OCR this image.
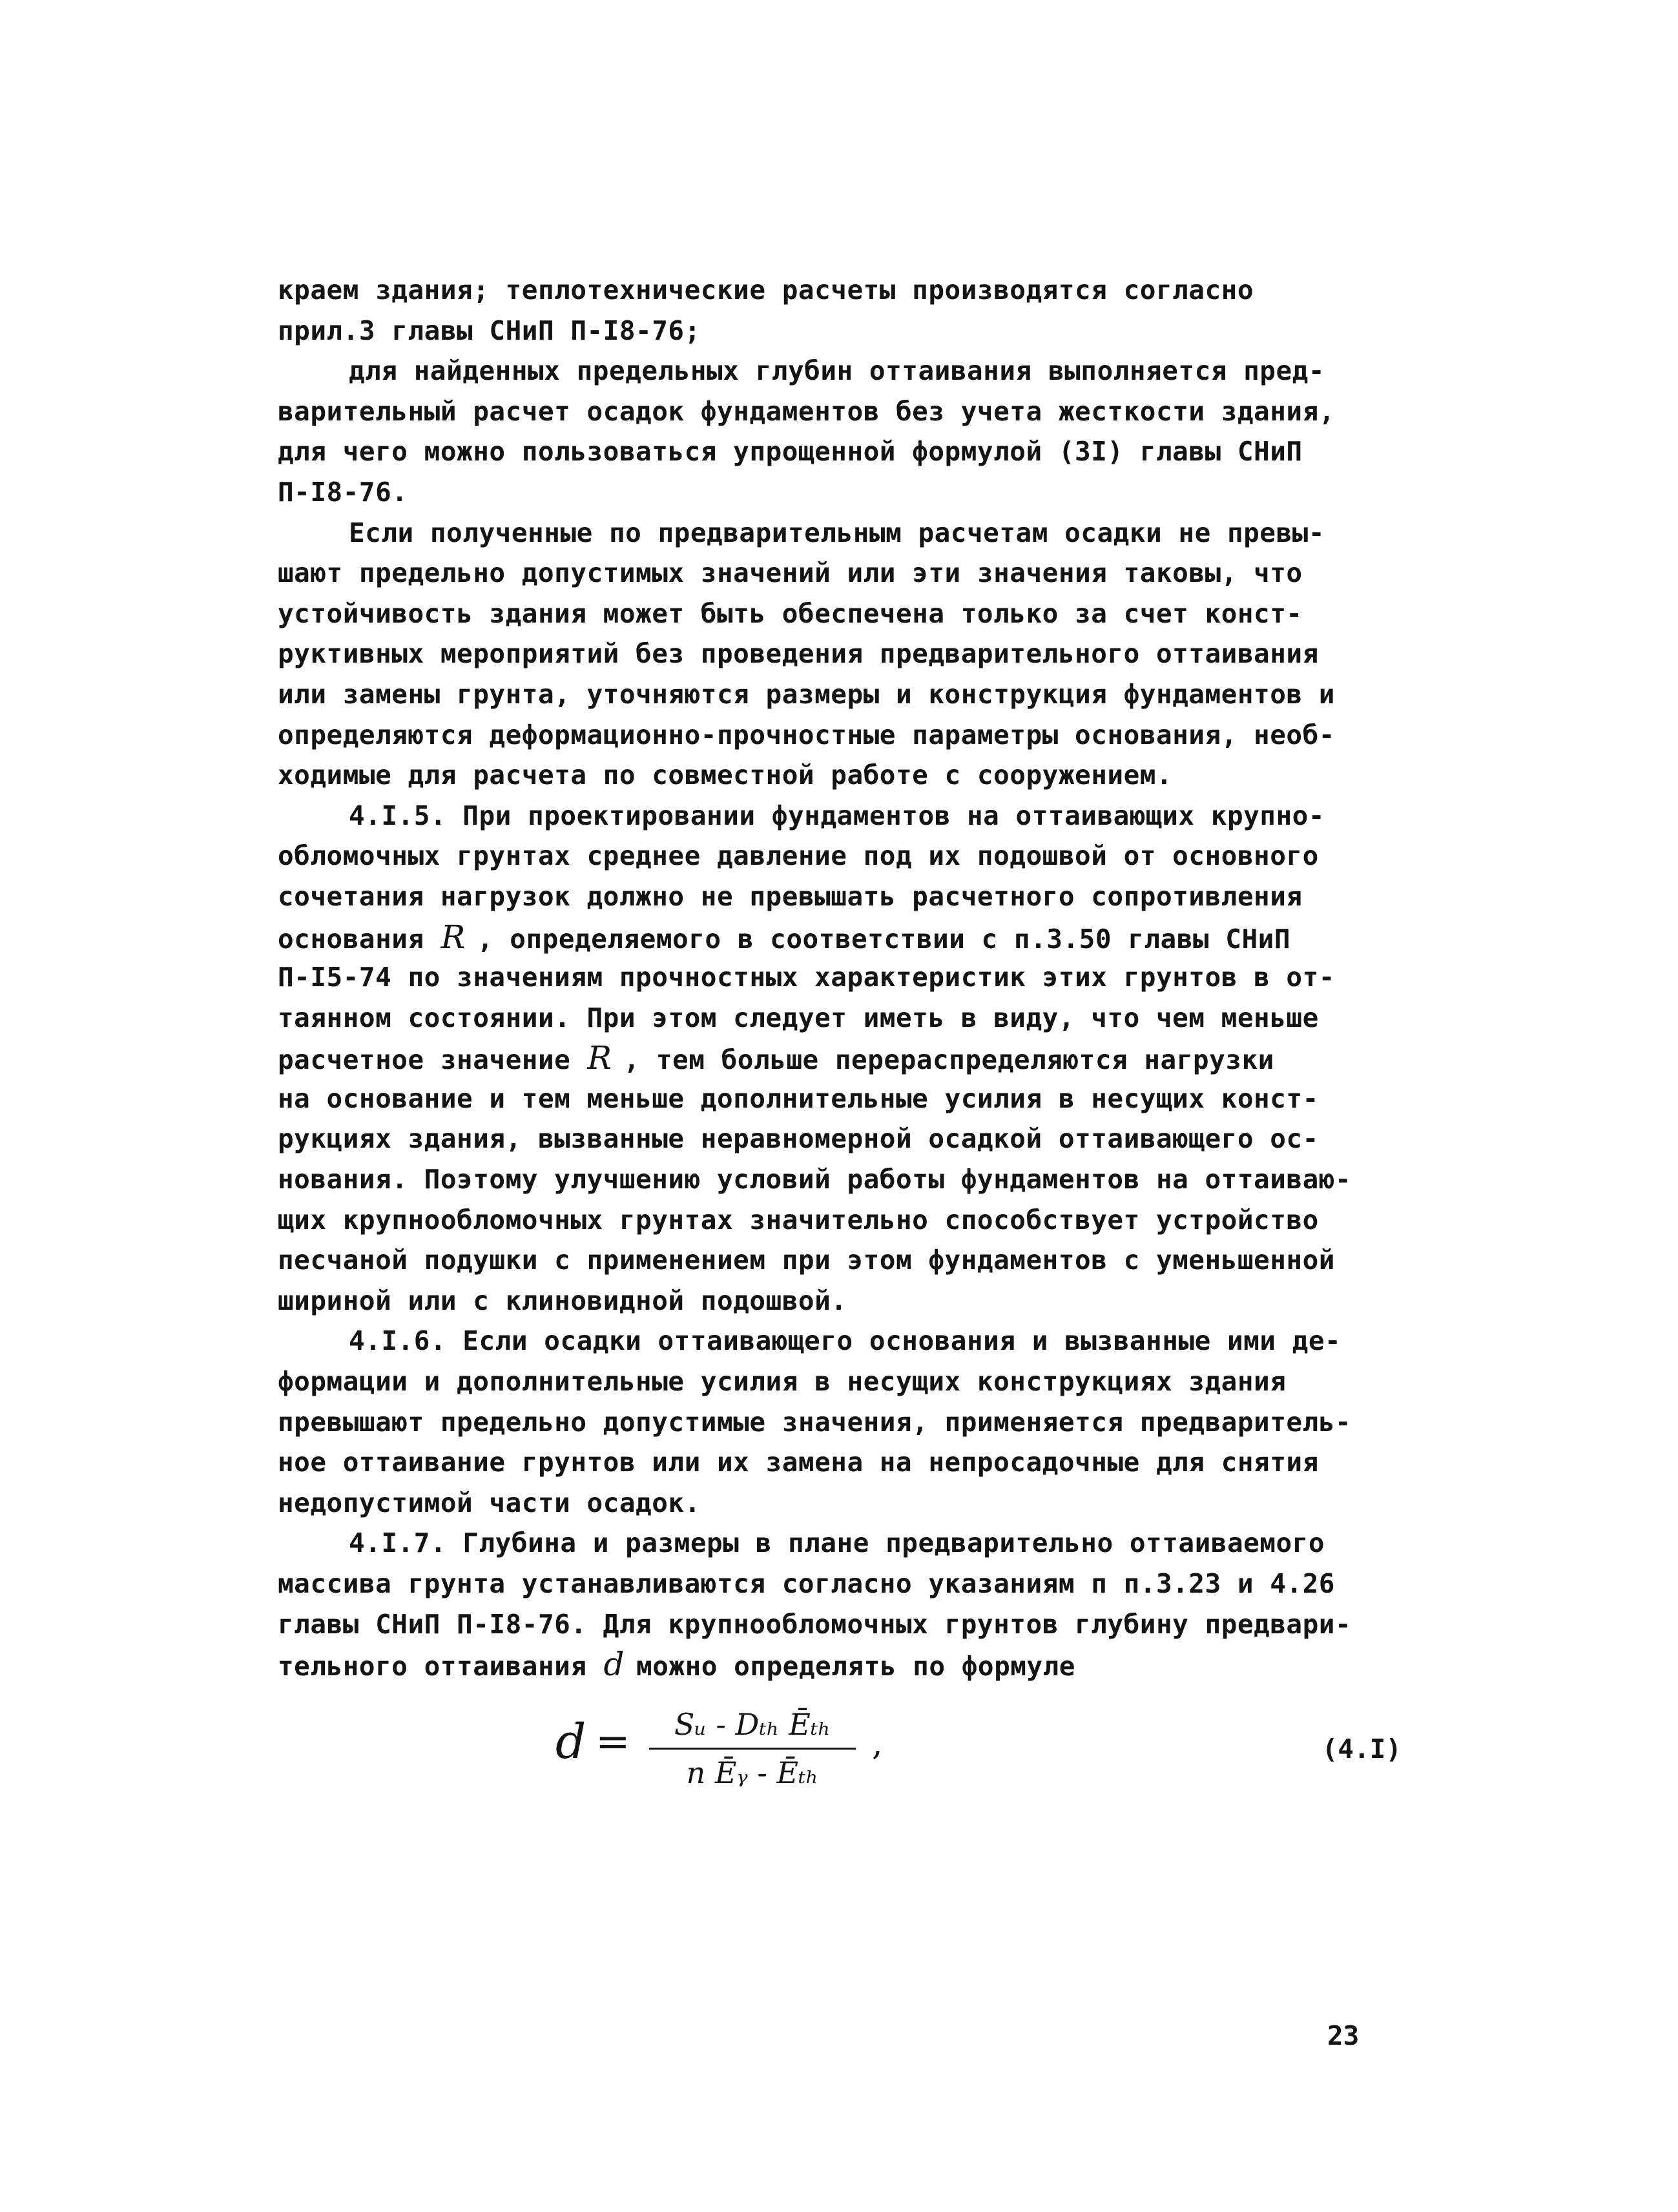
краем здания; теплотехнические расчеты производятся согласно
прил.3 главы СНиП П-I8-76;
для найденных предельных глубин оттаивания выполняется пред-
варительный расчет осадок фундаментов без учета жесткости здания,
для чего можно пользоваться упрощенной формулой (3I) главы СНиП
П-I8-76.
Если полученные по предварительным расчетам осадки не превы-
шают предельно допустимых значений или эти значения таковы, что
устойчивость здания может быть обеспечена только за счет конст-
руктивных мероприятий без проведения предварительного оттаивания
или замены грунта, уточняются размеры и конструкция фундаментов и
определяются деформационно-прочностные параметры основания, необ-
ходимые для расчета по совместной работе с сооружением.
4.I.5. При проектировании фундаментов на оттаивающих крупно-
обломочных грунтах среднее давление под их подошвой от основного
сочетания нагрузок должно не превышать расчетного сопротивления
основания R , определяемого в соответствии с п.3.50 главы СНиП
П-I5-74 по значениям прочностных характеристик этих грунтов в от-
таянном состоянии. При этом следует иметь в виду, что чем меньше
расчетное значение R , тем больше перераспределяются нагрузки
на основание и тем меньше дополнительные усилия в несущих конст-
рукциях здания, вызванные неравномерной осадкой оттаивающего ос-
нования. Поэтому улучшению условий работы фундаментов на оттаиваю-
щих крупнообломочных грунтах значительно способствует устройство
песчаной подушки с применением при этом фундаментов с уменьшенной
шириной или с клиновидной подошвой.
4.I.6. Если осадки оттаивающего основания и вызванные ими де-
формации и дополнительные усилия в несущих конструкциях здания
превышают предельно допустимые значения, применяется предваритель-
ное оттаивание грунтов или их замена на непросадочные для снятия
недопустимой части осадок.
4.I.7. Глубина и размеры в плане предварительно оттаиваемого
массива грунта устанавливаются согласно указаниям п п.3.23 и 4.26
главы СНиП П-I8-76. Для крупнообломочных грунтов глубину предвари-
тельного оттаивания d можно определять по формуле
d =	Sᵤ - Dₜₕ Ēₜₕ
n Ēᵧ - Ēₜₕ
,	(4.I)
23
